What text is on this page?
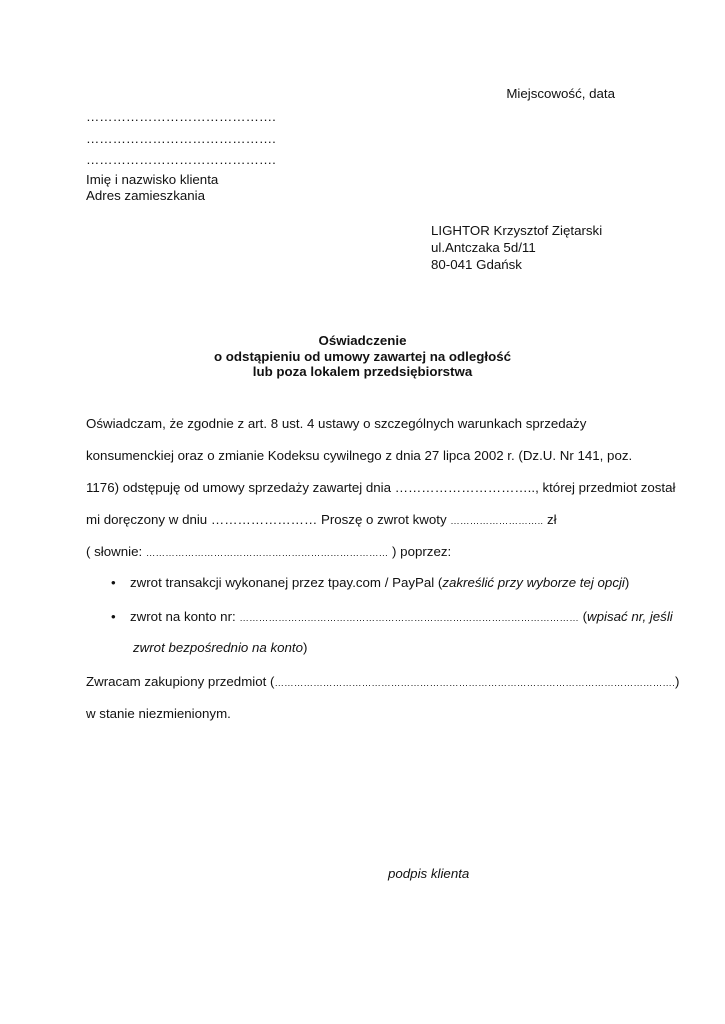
Miejscowość, data
…………………………………….
…………………………………….
…………………………………….
Imię i nazwisko klienta
Adres zamieszkania
LIGHTOR Krzysztof Ziętarski
ul.Antczaka 5d/11
80-041 Gdańsk
Oświadczenie
o odstąpieniu od umowy zawartej na odległość
lub poza lokalem przedsiębiorstwa
Oświadczam, że zgodnie z art. 8 ust. 4 ustawy o szczególnych warunkach sprzedaży
konsumenckiej oraz o zmianie Kodeksu cywilnego z dnia 27 lipca 2002 r. (Dz.U. Nr 141, poz.
1176) odstępuję od umowy sprzedaży zawartej dnia ………………………….., której przedmiot został
mi doręczony w dniu …………………… Proszę o zwrot kwoty ……………………….. zł
( słownie: ………………………………………………………………… ) poprzez:
• zwrot transakcji wykonanej przez tpay.com / PayPal (zakreślić przy wyborze tej opcji)
• zwrot na konto nr: …………………………………………………………………………………………… (wpisać nr, jeśli
zwrot bezpośrednio na konto)
Zwracam zakupiony przedmiot (…………………………………………………………………………………………………………….)
w stanie niezmienionym.
podpis klienta
